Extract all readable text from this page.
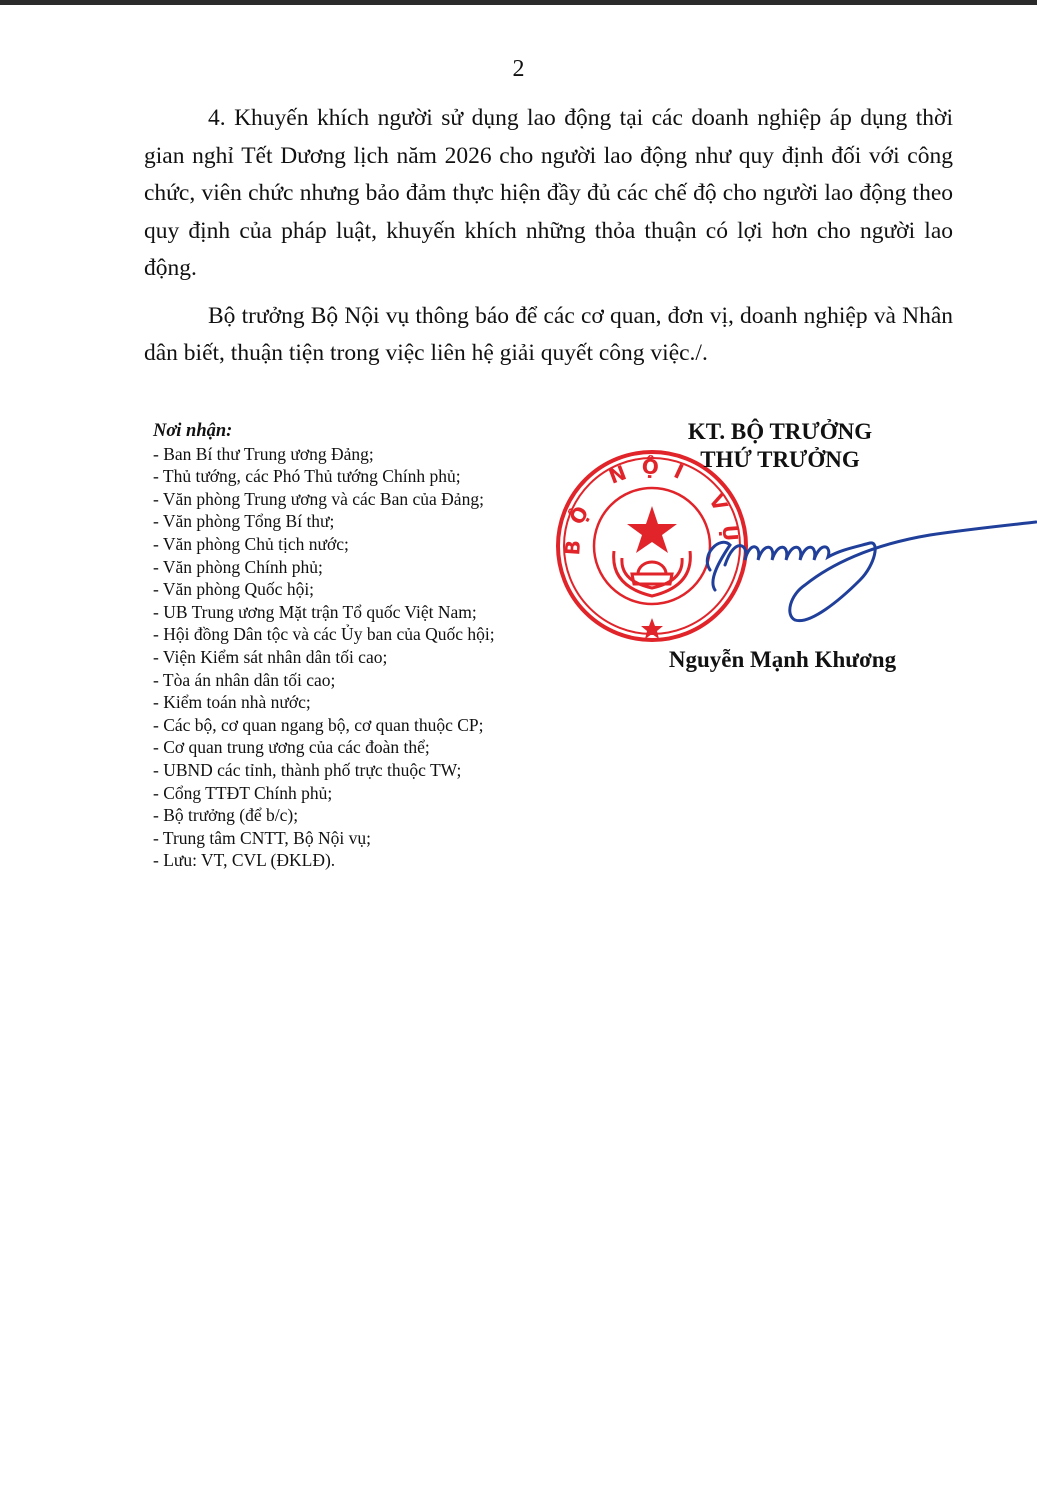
2

4. Khuyến khích người sử dụng lao động tại các doanh nghiệp áp dụng thời gian nghỉ Tết Dương lịch năm 2026 cho người lao động như quy định đối với công chức, viên chức nhưng bảo đảm thực hiện đầy đủ các chế độ cho người lao động theo quy định của pháp luật, khuyến khích những thỏa thuận có lợi hơn cho người lao động.

Bộ trưởng Bộ Nội vụ thông báo để các cơ quan, đơn vị, doanh nghiệp và Nhân dân biết, thuận tiện trong việc liên hệ giải quyết công việc./.

Nơi nhận:
- Ban Bí thư Trung ương Đảng;
- Thủ tướng, các Phó Thủ tướng Chính phủ;
- Văn phòng Trung ương và các Ban của Đảng;
- Văn phòng Tổng Bí thư;
- Văn phòng Chủ tịch nước;
- Văn phòng Chính phủ;
- Văn phòng Quốc hội;
- UB Trung ương Mặt trận Tổ quốc Việt Nam;
- Hội đồng Dân tộc và các Ủy ban của Quốc hội;
- Viện Kiểm sát nhân dân tối cao;
- Tòa án nhân dân tối cao;
- Kiểm toán nhà nước;
- Các bộ, cơ quan ngang bộ, cơ quan thuộc CP;
- Cơ quan trung ương của các đoàn thể;
- UBND các tỉnh, thành phố trực thuộc TW;
- Cổng TTĐT Chính phủ;
- Bộ trưởng (để b/c);
- Trung tâm CNTT, Bộ Nội vụ;
- Lưu: VT, CVL (ĐKLĐ).
BỘ NỘI VỤ
KT. BỘ TRƯỞNG
THỨ TRƯỞNG
Nguyễn Mạnh Khương
